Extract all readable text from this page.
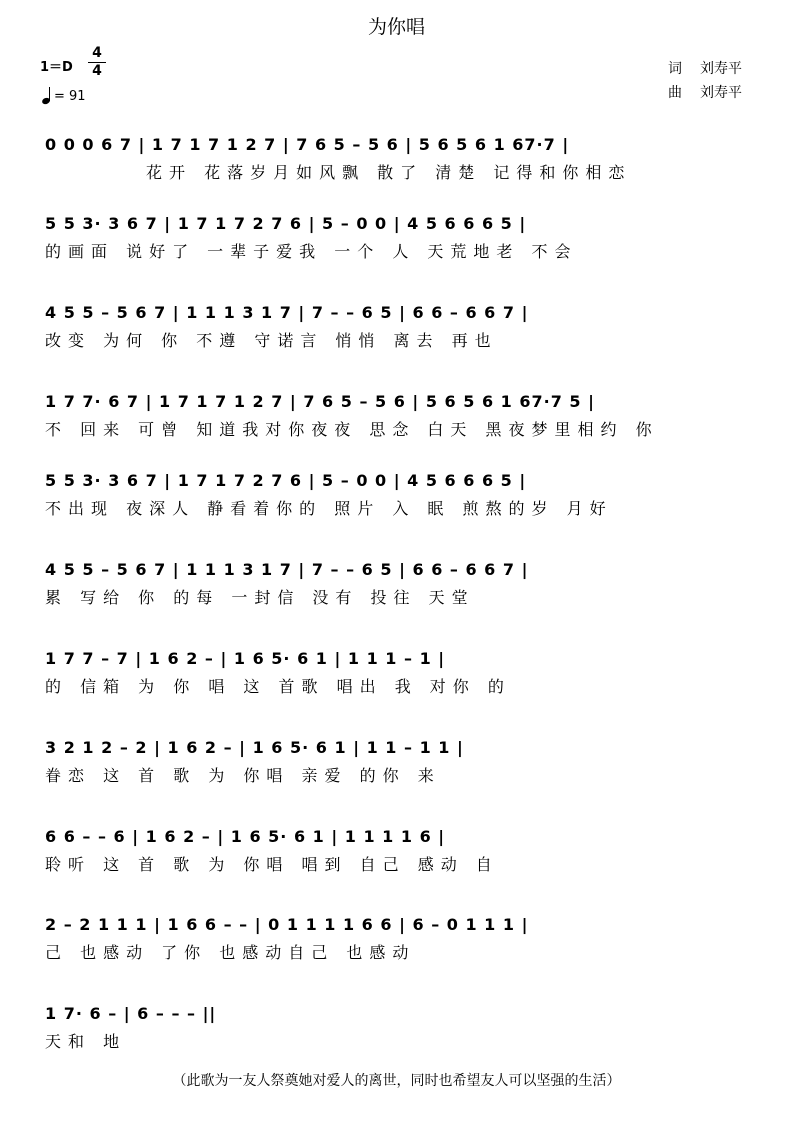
为你唱
1＝D
4
4
= 91
词 刘寿平
曲 刘寿平
0 0 0 6 7 | 1 7 1 7 1 2 7 | 7 6 5 – 5 6 | 5 6 5 6 1 67·7 |
花开 花落岁月如风飘 散了 清楚 记得和你相恋
5 5 3· 3 6 7 | 1 7 1 7 2 7 6 | 5 – 0 0 | 4 5 6 6 6 5 |
的画面 说好了 一辈子爱我 一个 人 天荒地老 不会
4 5 5 – 5 6 7 | 1 1 1 3 1 7 | 7 – – 6 5 | 6 6 – 6 6 7 |
改变 为何 你 不遵 守诺言 悄悄 离去 再也
1 7 7· 6 7 | 1 7 1 7 1 2 7 | 7 6 5 – 5 6 | 5 6 5 6 1 67·7 5 |
不 回来 可曾 知道我对你夜夜 思念 白天 黑夜梦里相约 你
5 5 3· 3 6 7 | 1 7 1 7 2 7 6 | 5 – 0 0 | 4 5 6 6 6 5 |
不出现 夜深人 静看着你的 照片 入 眠 煎熬的岁 月好
4 5 5 – 5 6 7 | 1 1 1 3 1 7 | 7 – – 6 5 | 6 6 – 6 6 7 |
累 写给 你 的每 一封信 没有 投往 天堂
1 7 7 – 7 | 1 6 2 – | 1 6 5· 6 1 | 1 1 1 – 1 |
的 信箱 为 你 唱 这 首歌 唱出 我 对你 的
3 2 1 2 – 2 | 1 6 2 – | 1 6 5· 6 1 | 1 1 – 1 1 |
眷恋 这 首 歌 为 你唱 亲爱 的你 来
6 6 – – 6 | 1 6 2 – | 1 6 5· 6 1 | 1 1 1 1 6 |
聆听 这 首 歌 为 你唱 唱到 自己 感动 自
2 – 2 1 1 1 | 1 6 6 – – | 0 1 1 1 1 6 6 | 6 – 0 1 1 1 |
己 也感动 了你 也感动自己 也感动
1 7· 6 – | 6 – – – ||
天和 地
（此歌为一友人祭奠她对爱人的离世，同时也希望友人可以坚强的生活）
